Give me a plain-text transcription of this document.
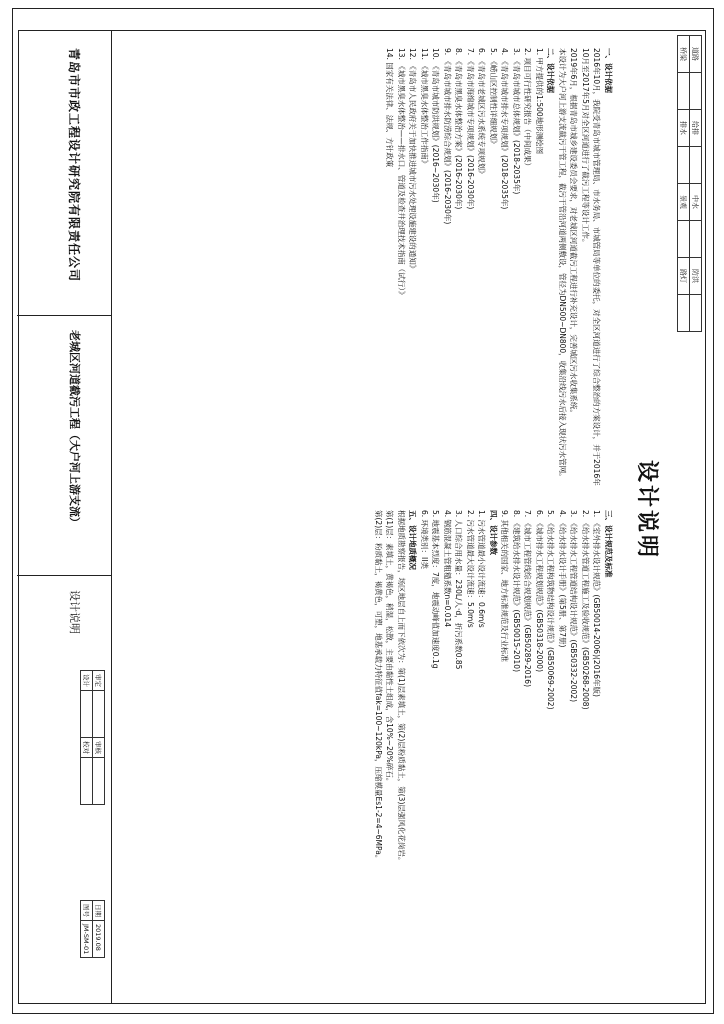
道路		给排		中水		防洪	
桥梁		排水		景观		路灯	
设计说明

一、设计依据

2016年10月，我院受青岛市城市管理局、市水务局、市城管局等单位的委托，对全区河道进行了综合整治的方案设计，并于2016年10月至2017年5月对全区河道进行了截污工程等设计工作。

2019年6月，根据青岛市城乡建设委员会要求，对老城区河道截污工程进行补充设计，完善城区污水收集系统。

本设计为大户河上游支流截污干管工程，截污干管沿河道两侧敷设，管径为DN500~DN800，收集沿线污水后接入现状污水管网。

二、设计依据

1. 甲方提供的1:500地形测绘图

2. 项目可行性研究报告（中间成果）

3. 《青岛市城市总体规划》(2018-2035年)

4. 《青岛市城市排水专项规划》(2018-2035年)

5. 《崂山区控制性详细规划》

6. 《青岛市老城区污水系统专项规划》

7. 《青岛市海绵城市专项规划》(2016-2030年)

8. 《青岛市黑臭水体整治方案》(2016-2030年)

9. 《青岛市城市排水防涝综合规划》(2016-2030年)

10. 《青岛市城市防洪规划》(2016~2030年)

11. 《城市黑臭水体整治工作指南》

12. 《青岛市人民政府关于加快推进城市污水处理设施建设的通知》

13. 《城市黑臭水体整治——排水口、管道及检查井治理技术指南（试行）》

14. 国家有关法律、法规、方针政策

三、设计规范及标准

1. 《室外排水设计规范》(GB50014-2006)(2016年版)

2. 《给水排水管道工程施工及验收规范》(GB50268-2008)

3. 《给水排水工程管道结构设计规范》(GB50332-2002)

4. 《给水排水设计手册》(第5册、第7册)

5. 《给水排水工程构筑物结构设计规范》(GB50069-2002)

6. 《城市排水工程规划规范》(GB50318-2000)

7. 《城市工程管线综合规划规范》(GB50289-2016)

8. 《建筑给水排水设计规范》(GB50015-2010)

9. 其他相关的国家、地方标准规范及行业标准

四、设计参数

1. 污水管道最小设计流速：0.6m/s

2. 污水管道最大设计流速：5.0m/s

3. 人口综合用水量：230L/人·d，折污系数0.85

4. 钢筋混凝土管粗糙系数n=0.014

5. 地震基本烈度：7度，地震动峰值加速度0.1g

6. 环境类别：II类

五、设计地质概况

根据地质勘察报告，场区地层自上而下依次为：第(1)层素填土，第(2)层粉质黏土，第(3)层强风化花岗岩。

第(1)层：素填土，黄褐色，稍湿，松散，主要由黏性土组成，含10%~20%碎石。

第(2)层：粉质黏土，褐黄色，可塑，地基承载力特征值fak=100~120kPa，压缩模量Es1-2=4~6MPa。

青岛市市政工程设计研究院有限责任公司
老城区河道截污工程（大户河上游支流）
设计说明
审定		审核	
设计		校对	
日期	2019.08
图号	JM-SM-01
